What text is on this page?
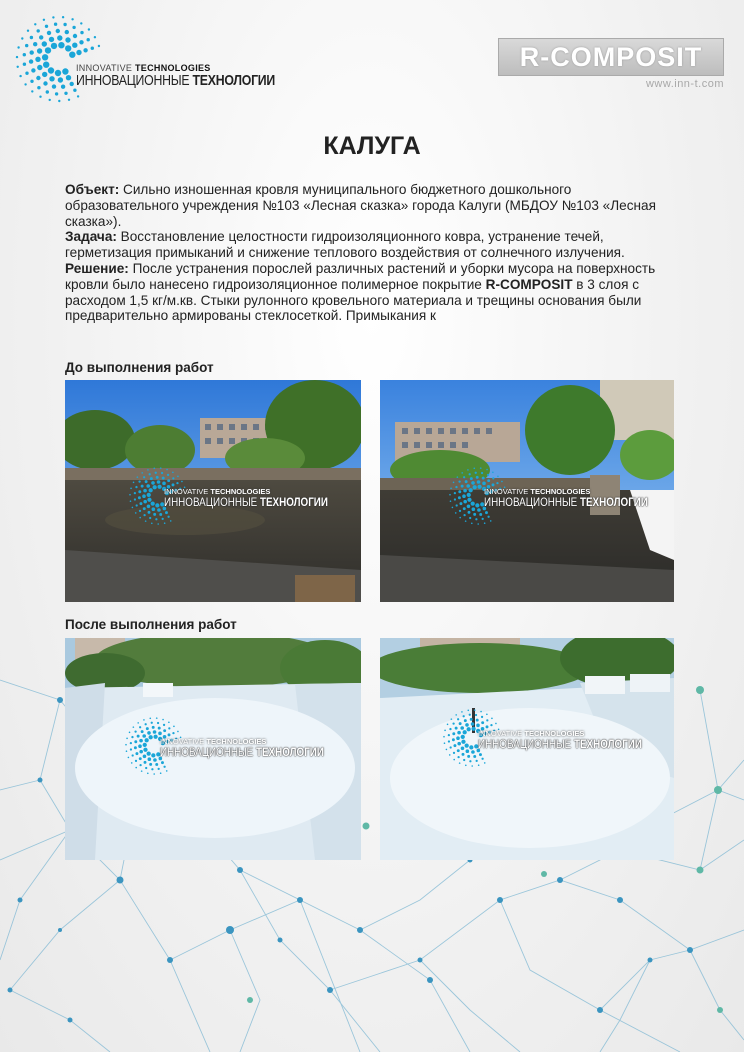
INNOVATIVE TECHNOLOGIES
ИННОВАЦИОННЫЕ ТЕХНОЛОГИИ
R-COMPOSIT
www.inn-t.com
КАЛУГА

Объект: Сильно изношенная кровля муниципального бюджетного дошкольного образовательного учреждения №103 «Лесная сказка» города Калуги (МБДОУ №103 «Лесная сказка»).

Задача: Восстановление целостности гидроизоляционного ковра, устранение течей, герметизация примыканий и снижение теплового воздействия от солнечного излучения.

Решение: После устранения порослей различных растений и уборки мусора на поверхность кровли было нанесено гидроизоляционное полимерное покрытие R-COMPOSIT в 3 слоя с расходом 1,5 кг/м.кв. Стыки рулонного кровельного материала и трещины основания были предварительно армированы стеклосеткой. Примыкания к

До выполнения работ
После выполнения работ
INNOVATIVE TECHNOLOGIES
ИННОВАЦИОННЫЕ ТЕХНОЛОГИИ
INNOVATIVE TECHNOLOGIES
ИННОВАЦИОННЫЕ ТЕХНОЛОГИИ
INNOVATIVE TECHNOLOGIES
ИННОВАЦИОННЫЕ ТЕХНОЛОГИИ
INNOVATIVE TECHNOLOGIES
ИННОВАЦИОННЫЕ ТЕХНОЛОГИИ
